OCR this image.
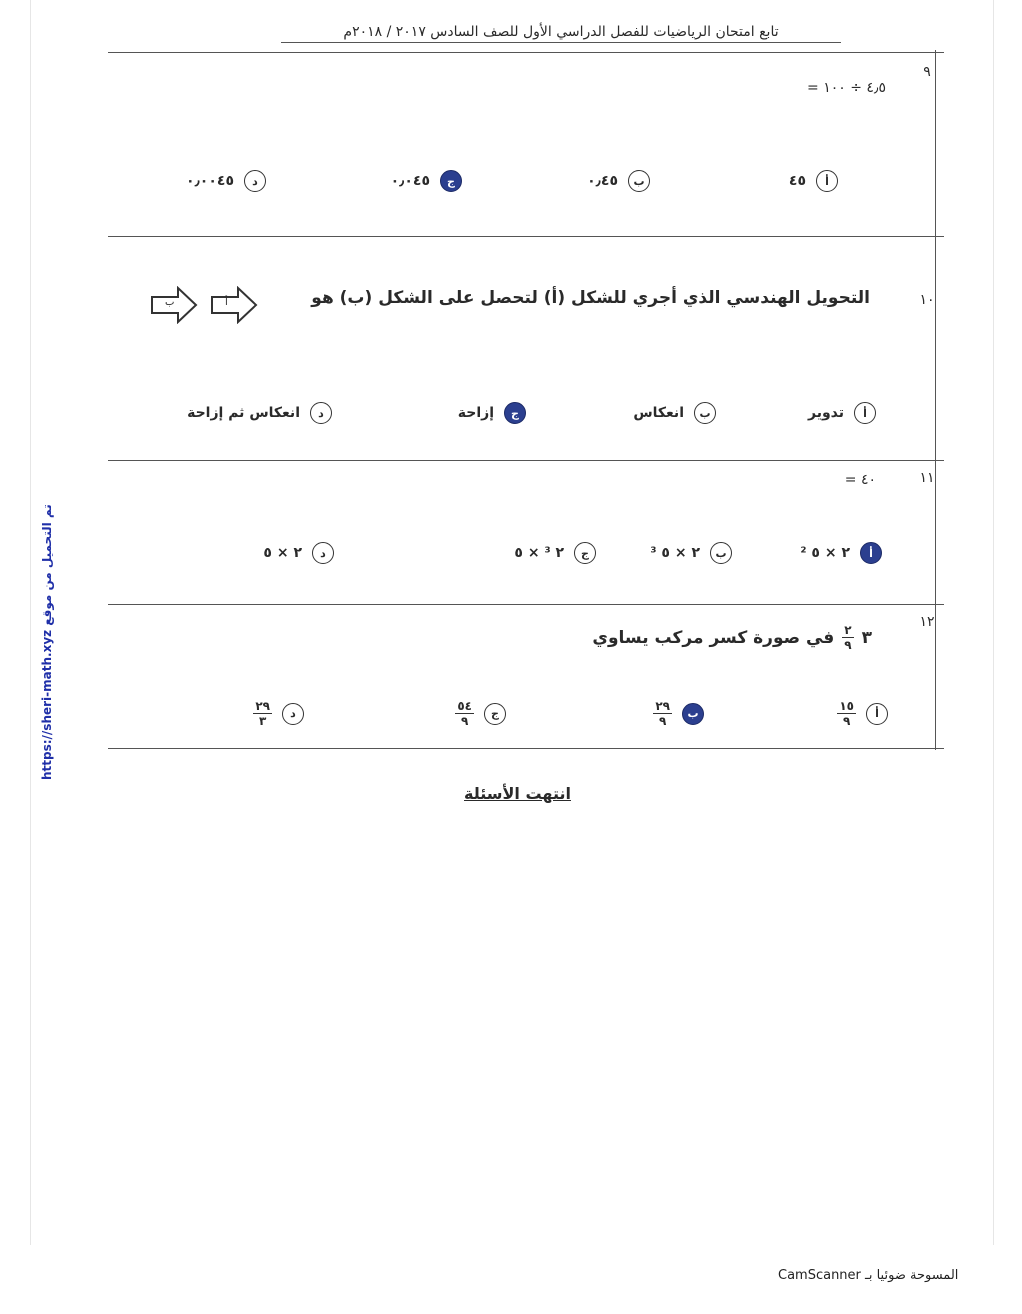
تابع امتحان الرياضيات للفصل الدراسي الأول للصف السادس ٢٠١٧ / ٢٠١٨م
٩
٤٫٥ ÷ ١٠٠ =
أ
٤٥
ب
٠٫٤٥
ج
٠٫٠٤٥
د
٠٫٠٠٤٥
١٠
التحويل الهندسي الذي أجري للشكل (أ) لتحصل على الشكل (ب) هو
ب	أ
أ
تدوير
ب
انعكاس
ج
إزاحة
د
انعكاس ثم إزاحة
١١
٤٠ =
أ
٢ × ٥ ²
ب
٢ × ٥ ³
ج
٢ ³ × ٥
د
٢ × ٥
١٢
٣
$\frac{٢}{٩}$
في صورة كسر مركب يساوي
أ
$\frac{١٥}{٩}$
ب
$\frac{٢٩}{٩}$
ج
$\frac{٥٤}{٩}$
د
$\frac{٢٩}{٣}$
https://sheri-math.xyz تم التحميل من موقع
انتهت الأسئلة
المسوحة ضوئيا بـ CamScanner
